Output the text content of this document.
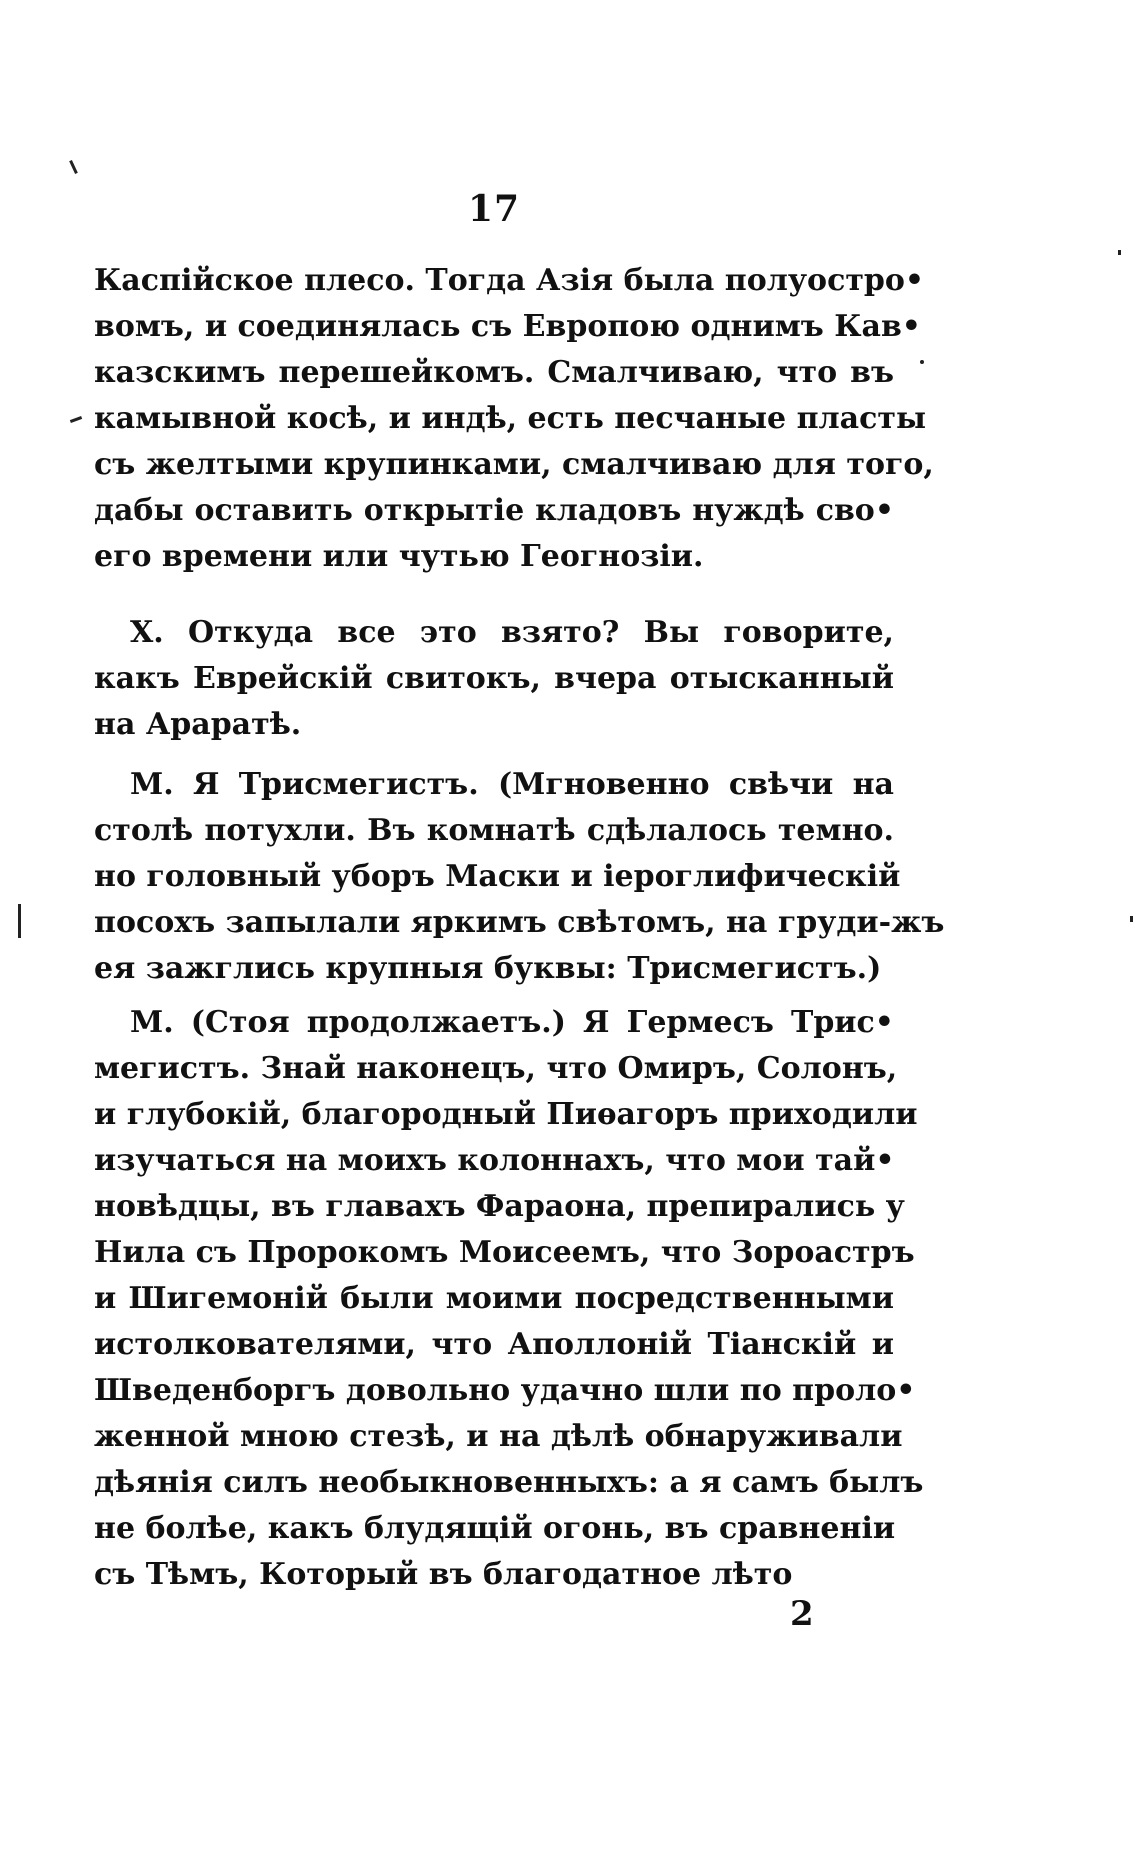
17
Каспійское плесо. Тогда Азія была полуостро•
вомъ, и соединялась съ Европою однимъ Кав•
казскимъ перешейкомъ. Смалчиваю, что въ
камывной косѣ, и индѣ, есть песчаные пласты
съ желтыми крупинками, смалчиваю для того,
дабы оставить открытіе кладовъ нуждѣ сво•
его времени или чутью Геогнозіи.
Х. Откуда все это взято? Вы говорите,
какъ Еврейскій свитокъ, вчера отысканный
на Араратѣ.
М. Я Трисмегистъ. (Мгновенно свѣчи на
столѣ потухли. Въ комнатѣ сдѣлалось темно.
но головный уборъ Маски и іероглифическій
посохъ запылали яркимъ свѣтомъ, на груди-жъ
ея зажглись крупныя буквы: Трисмегистъ.)
М. (Стоя продолжаетъ.) Я Гермесъ Трис•
мегистъ. Знай наконецъ, что Омиръ, Солонъ,
и глубокій, благородный Пиѳагоръ приходили
изучаться на моихъ колоннахъ, что мои тай•
новѣдцы, въ главахъ Фараона, препирались у
Нила съ Пророкомъ Моисеемъ, что Зороастръ
и Шигемоній были моими посредственными
истолкователями, что Аполлоній Тіанскій и
Шведенборгъ довольно удачно шли по проло•
женной мною стезѣ, и на дѣлѣ обнаруживали
дѣянія силъ необыкновенныхъ: а я самъ былъ
не болѣе, какъ блудящій огонь, въ сравненіи
съ Тѣмъ, Который въ благодатное лѣто
2
